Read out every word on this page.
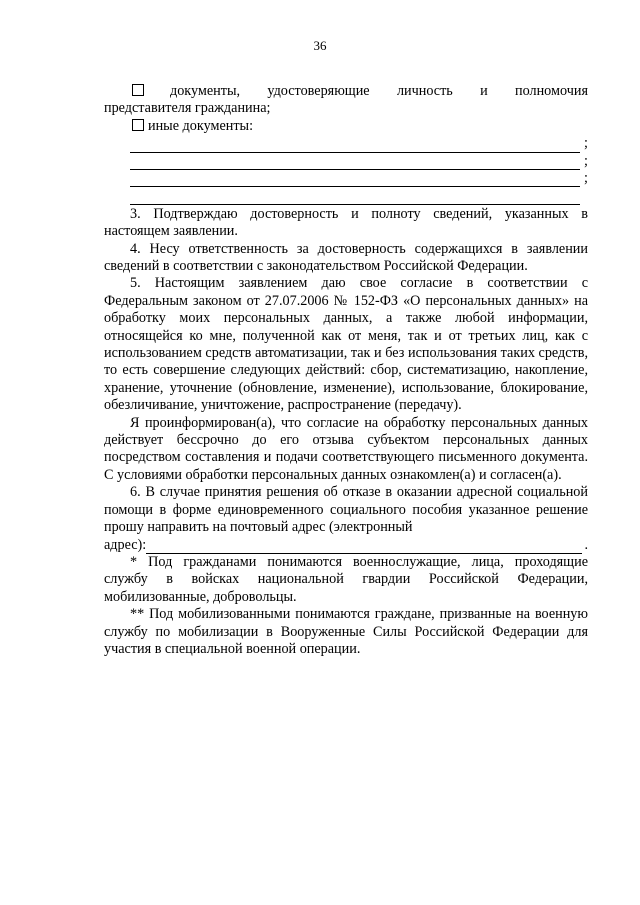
36
документы, удостоверяющие личность и полномочия
представителя гражданина;
иные документы:
;
;
;

3. Подтверждаю достоверность и полноту сведений, указанных в настоящем заявлении.

4. Несу ответственность за достоверность содержащихся в заявлении сведений в соответствии с законодательством Российской Федерации.

5. Настоящим заявлением даю свое согласие в соответствии с Федеральным законом от 27.07.2006 № 152-ФЗ «О персональных данных» на обработку моих персональных данных, а также любой информации, относящейся ко мне, полученной как от меня, так и от третьих лиц, как с использованием средств автоматизации, так и без использования таких средств, то есть совершение следующих действий: сбор, систематизацию, накопление, хранение, уточнение (обновление, изменение), использование, блокирование, обезличивание, уничтожение, распространение (передачу).

Я проинформирован(а), что согласие на обработку персональных данных действует бессрочно до его отзыва субъектом персональных данных посредством составления и подачи соответствующего письменного документа. С условиями обработки персональных данных ознакомлен(а) и согласен(а).

6. В случае принятия решения об отказе в оказании адресной социальной помощи в форме единовременного социального пособия указанное решение прошу направить на почтовый адрес (электронный

адрес):	.

* Под гражданами понимаются военнослужащие, лица, проходящие службу в войсках национальной гвардии Российской Федерации, мобилизованные, добровольцы.

** Под мобилизованными понимаются граждане, призванные на военную службу по мобилизации в Вооруженные Силы Российской Федерации для участия в специальной военной операции.
